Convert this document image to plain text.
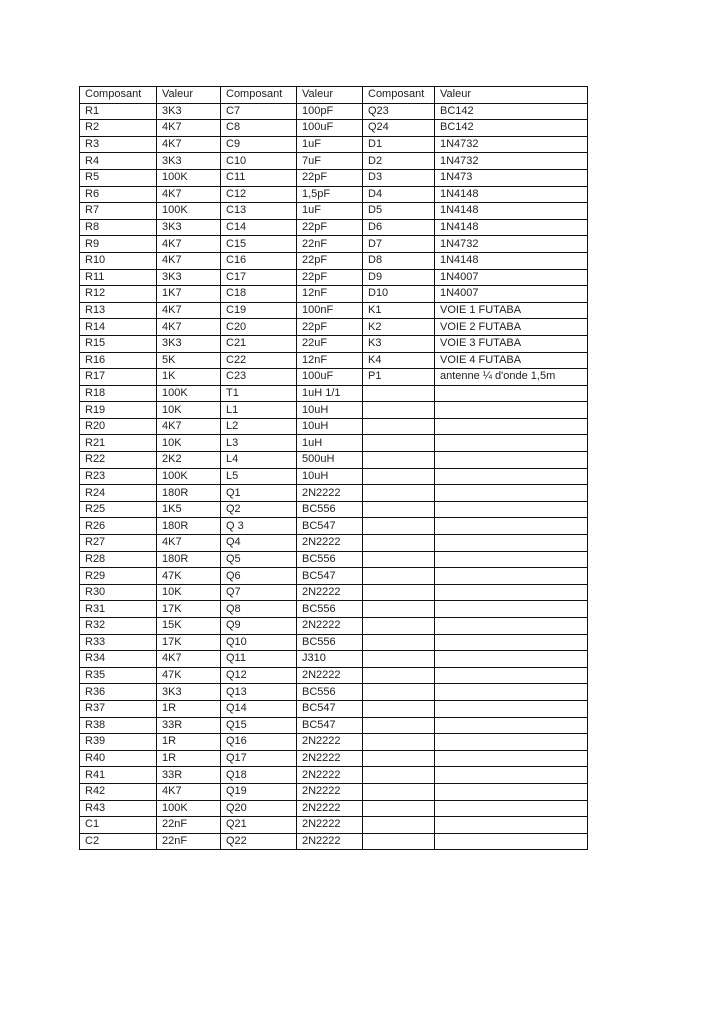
Composant	Valeur	Composant	Valeur	Composant	Valeur
R1	3K3	C7	100pF	Q23	BC142
R2	4K7	C8	100uF	Q24	BC142
R3	4K7	C9	1uF	D1	1N4732
R4	3K3	C10	7uF	D2	1N4732
R5	100K	C11	22pF	D3	1N473
R6	4K7	C12	1,5pF	D4	1N4148
R7	100K	C13	1uF	D5	1N4148
R8	3K3	C14	22pF	D6	1N4148
R9	4K7	C15	22nF	D7	1N4732
R10	4K7	C16	22pF	D8	1N4148
R11	3K3	C17	22pF	D9	1N4007
R12	1K7	C18	12nF	D10	1N4007
R13	4K7	C19	100nF	K1	VOIE 1 FUTABA
R14	4K7	C20	22pF	K2	VOIE 2 FUTABA
R15	3K3	C21	22uF	K3	VOIE 3 FUTABA
R16	5K	C22	12nF	K4	VOIE 4 FUTABA
R17	1K	C23	100uF	P1	antenne ¼ d'onde 1,5m
R18	100K	T1	1uH 1/1		
R19	10K	L1	10uH		
R20	4K7	L2	10uH		
R21	10K	L3	1uH		
R22	2K2	L4	500uH		
R23	100K	L5	10uH		
R24	180R	Q1	2N2222		
R25	1K5	Q2	BC556		
R26	180R	Q 3	BC547		
R27	4K7	Q4	2N2222		
R28	180R	Q5	BC556		
R29	47K	Q6	BC547		
R30	10K	Q7	2N2222		
R31	17K	Q8	BC556		
R32	15K	Q9	2N2222		
R33	17K	Q10	BC556		
R34	4K7	Q11	J310		
R35	47K	Q12	2N2222		
R36	3K3	Q13	BC556		
R37	1R	Q14	BC547		
R38	33R	Q15	BC547		
R39	1R	Q16	2N2222		
R40	1R	Q17	2N2222		
R41	33R	Q18	2N2222		
R42	4K7	Q19	2N2222		
R43	100K	Q20	2N2222		
C1	22nF	Q21	2N2222		
C2	22nF	Q22	2N2222		
